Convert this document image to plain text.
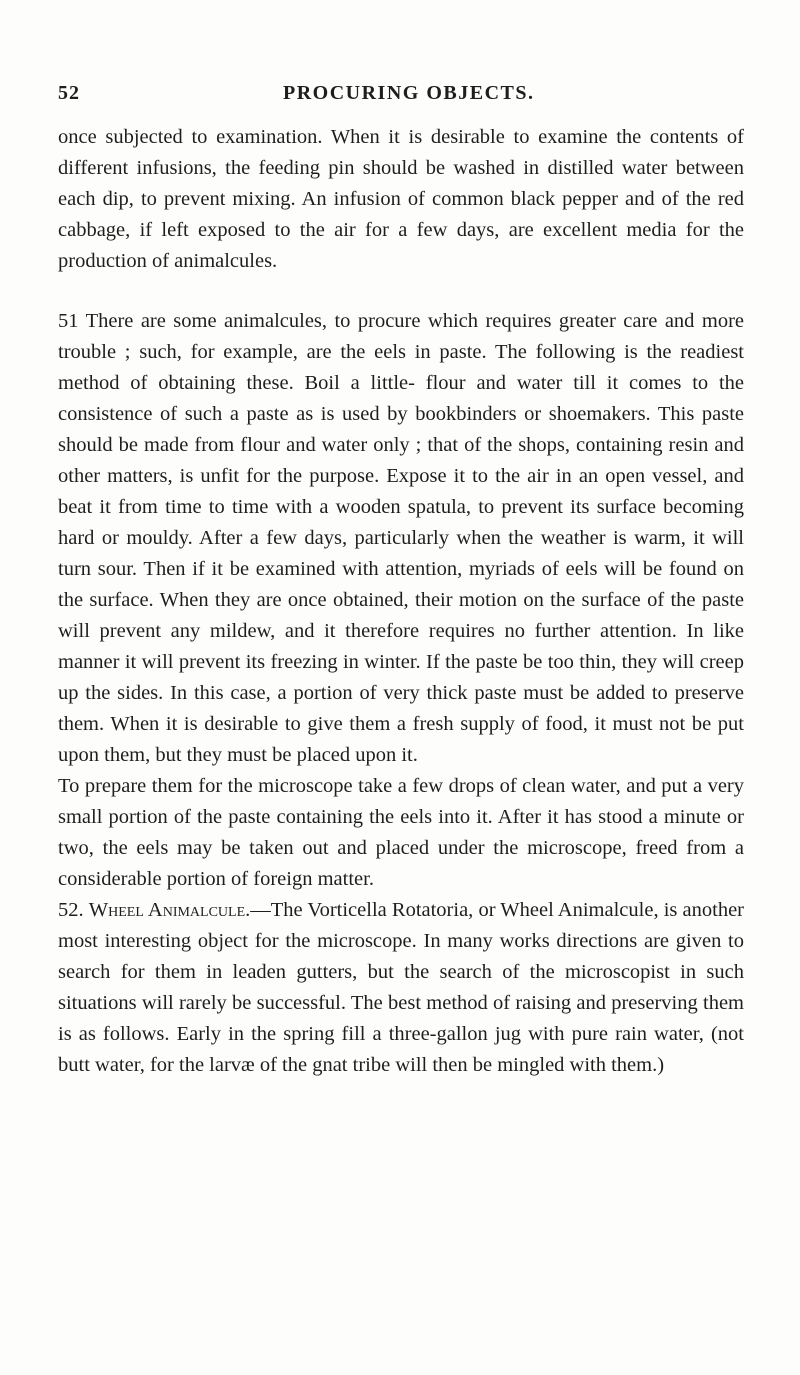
52	PROCURING OBJECTS.

once subjected to examination. When it is desirable to examine the contents of different infusions, the feeding pin should be washed in distilled water between each dip, to prevent mixing. An infusion of common black pepper and of the red cabbage, if left exposed to the air for a few days, are excellent media for the production of animalcules.

51 There are some animalcules, to procure which requires greater care and more trouble ; such, for example, are the eels in paste. The following is the readiest method of obtaining these. Boil a little- flour and water till it comes to the consistence of such a paste as is used by bookbinders or shoemakers. This paste should be made from flour and water only ; that of the shops, containing resin and other matters, is unfit for the purpose. Expose it to the air in an open vessel, and beat it from time to time with a wooden spatula, to prevent its surface becoming hard or mouldy. After a few days, particularly when the weather is warm, it will turn sour. Then if it be examined with attention, myriads of eels will be found on the surface. When they are once obtained, their motion on the surface of the paste will prevent any mildew, and it therefore requires no further attention. In like manner it will prevent its freezing in winter. If the paste be too thin, they will creep up the sides. In this case, a portion of very thick paste must be added to preserve them. When it is desirable to give them a fresh supply of food, it must not be put upon them, but they must be placed upon it.

To prepare them for the microscope take a few drops of clean water, and put a very small portion of the paste containing the eels into it. After it has stood a minute or two, the eels may be taken out and placed under the microscope, freed from a considerable portion of foreign matter.

52. Wheel Animalcule.—The Vorticella Rotatoria, or Wheel Animalcule, is another most interesting object for the microscope. In many works directions are given to search for them in leaden gutters, but the search of the microscopist in such situations will rarely be successful. The best method of raising and preserving them is as follows. Early in the spring fill a three-gallon jug with pure rain water, (not butt water, for the larvæ of the gnat tribe will then be mingled with them.)
